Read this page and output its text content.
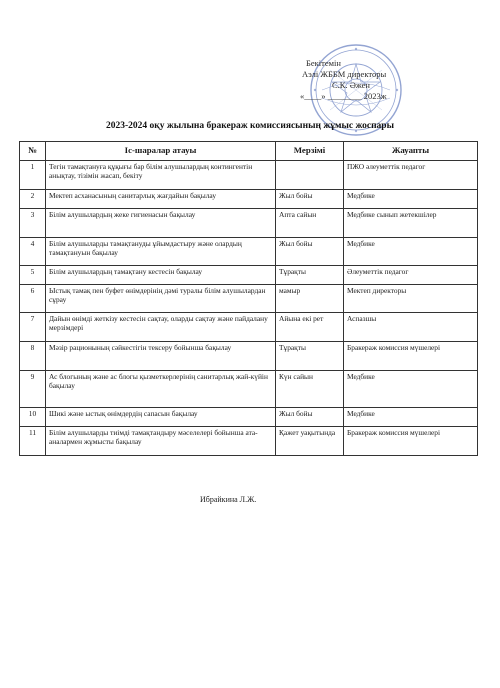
Бекітемін
Аэлі ЖББМ директоры
С.К. Әжен
«____» ________ 2023ж
2023-2024 оқу жылына бракераж комиссиясының жұмыс жоспары
№	Іс-шаралар атауы	Мерзімі	Жауапты
1	Тегін тамақтануға құқығы бар білім алушылардың контингентін анықтау, тізімін жасап, бекіту		ПЖО әлеуметтік педагог
2	Мектеп асханасының санитарлық жағдайын бақылау	Жыл бойы	Медбике
3	Білім алушылардың жеке гигиенасын бақылау	Апта сайын	Медбике сынып жетекшілер
4	Білім алушыларды тамақтануды ұйымдастыру және олардың тамақтануын бақылау	Жыл бойы	Медбике
5	Білім алушылардың тамақтану кестесін бақылау	Тұрақты	Әлеуметтік педагог
6	Ыстық тамақ пен буфет өнімдерінің дәмі туралы білім алушылардан сұрау	мамыр	Мектеп директоры
7	Дайын өнімді жеткізу кестесін сақтау, оларды сақтау және пайдалану мерзімдері	Айына екі рет	Аспазшы
8	Мәзір рационының сәйкестігін тексеру бойынша бақылау	Тұрақты	Бракераж комиссия мүшелері
9	Ас блогының және ас блогы қызметкерлерінің санитарлық жай-күйін бақылау	Күн сайын	Медбике
10	Шикі және ыстық өнімдердің сапасын бақылау	Жыл бойы	Медбике
11	Білім алушыларды тиімді тамақтандыру мәселелері бойынша ата-аналармен жұмысты бақылау	Қажет уақытында	Бракераж комиссия мүшелері
Ибрайкина Л.Ж.
